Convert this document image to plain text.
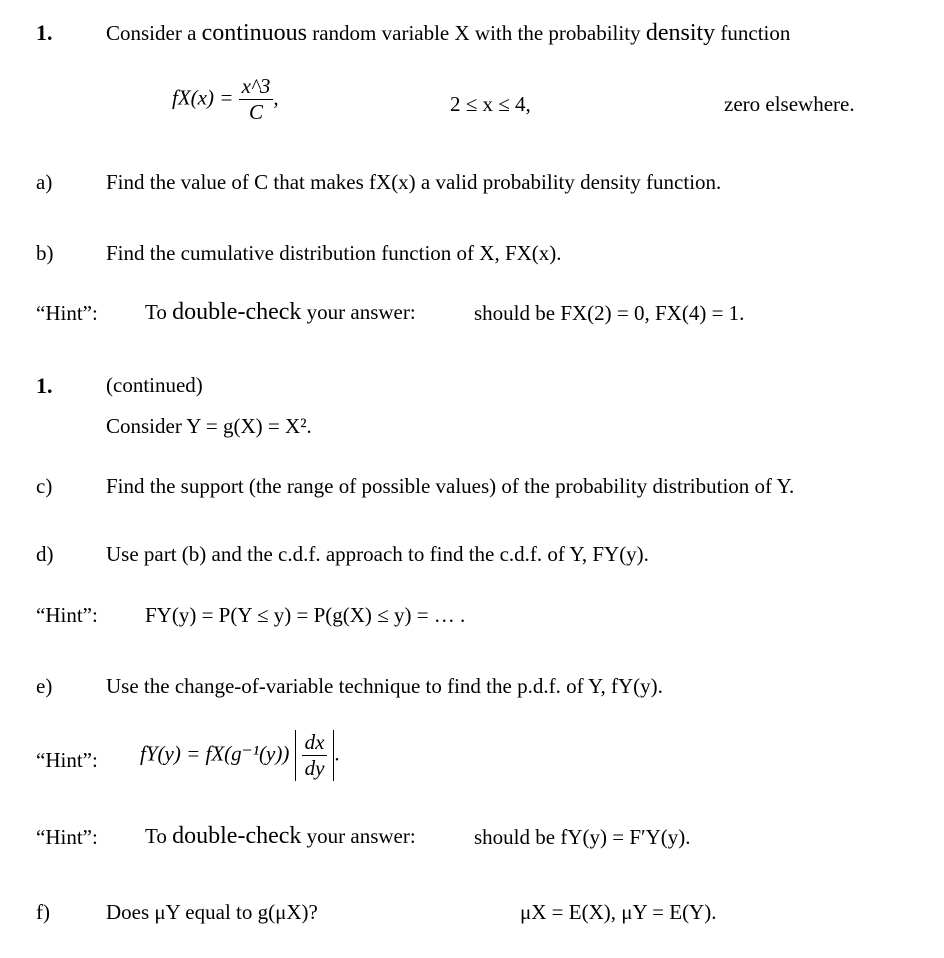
1.	Consider a continuous random variable X with the probability density function
$fX(x) = \frac{x\^{}3}{C}$ ,	2 ≤ x ≤ 4,	zero elsewhere.
a)	Find the value of C that makes fX(x) a valid probability density function.
b)	Find the cumulative distribution function of X, FX(x).
“Hint”: To double-check your answer:	should be FX(2) = 0, FX(4) = 1.
1.	(continued)
Consider Y = g(X) = X².
c)	Find the support (the range of possible values) of the probability distribution of Y.
d)	Use part (b) and the c.d.f. approach to find the c.d.f. of Y, FY(y).
“Hint”: FY(y) = P(Y ≤ y) = P(g(X) ≤ y) = … .
e)	Use the change-of-variable technique to find the p.d.f. of Y, fY(y).
“Hint”: $fY(y) = fX(g^{-1}(y)) \frac{dx}{dy}$ .
“Hint”: To double-check your answer:	should be fY(y) = F′Y(y).
f)	Does μY equal to g(μX)?	μX = E(X), μY = E(Y).
